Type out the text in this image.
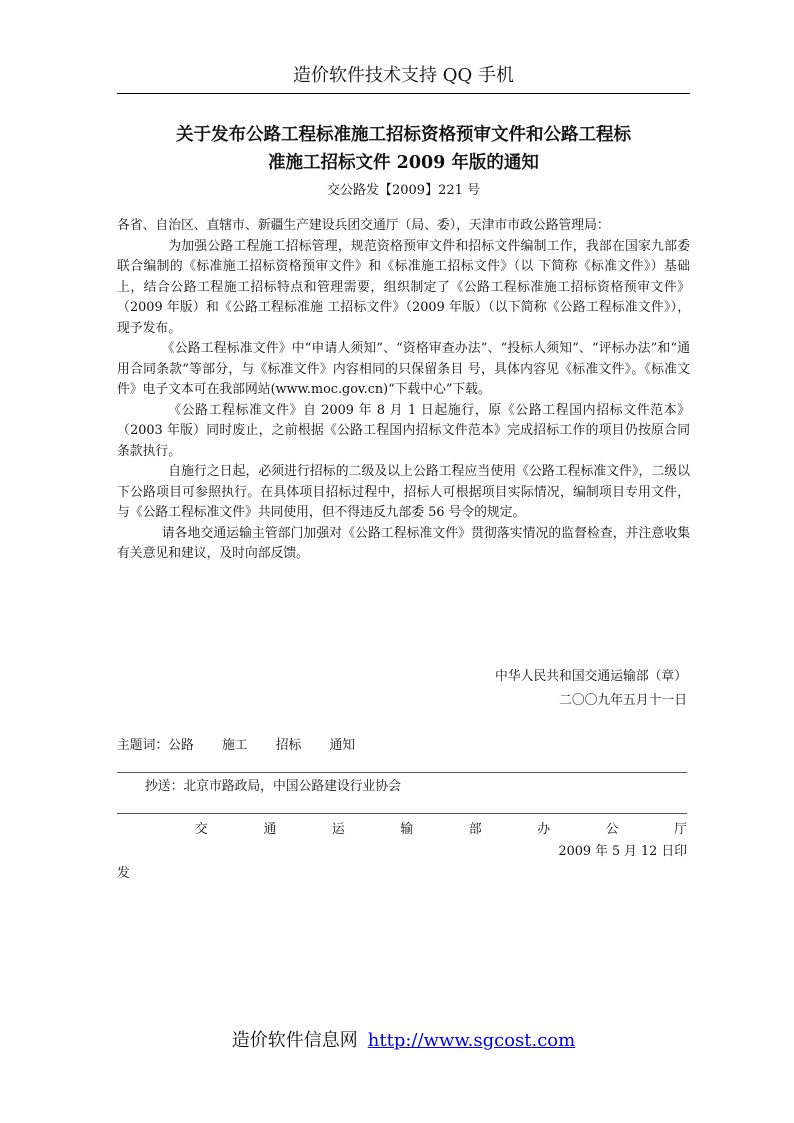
造价软件技术支持 QQ 手机
关于发布公路工程标准施工招标资格预审文件和公路工程标
准施工招标文件 2009 年版的通知
交公路发【2009】221 号

各省、自治区、直辖市、新疆生产建设兵团交通厅（局、委），天津市市政公路管理局：

为加强公路工程施工招标管理，规范资格预审文件和招标文件编制工作，我部在国家九部委联合编制的《标准施工招标资格预审文件》和《标准施工招标文件》（以 下简称《标准文件》）基础上，结合公路工程施工招标特点和管理需要，组织制定了《公路工程标准施工招标资格预审文件》（2009 年版）和《公路工程标准施 工招标文件》（2009 年版）（以下简称《公路工程标准文件》），现予发布。

《公路工程标准文件》中“申请人须知”、“资格审查办法”、“投标人须知”、“评标办法”和“通用合同条款”等部分，与《标准文件》内容相同的只保留条目 号，具体内容见《标准文件》。《标准文件》电子文本可在我部网站(www.moc.gov.cn)“下载中心”下载。

《公路工程标准文件》自 2009 年 8 月 1 日起施行，原《公路工程国内招标文件范本》（2003 年版）同时废止，之前根据《公路工程国内招标文件范本》完成招标工作的项目仍按原合同条款执行。

自施行之日起，必须进行招标的二级及以上公路工程应当使用《公路工程标准文件》，二级以下公路项目可参照执行。在具体项目招标过程中，招标人可根据项目实际情况，编制项目专用文件，与《公路工程标准文件》共同使用，但不得违反九部委 56 号令的规定。

请各地交通运输主管部门加强对《公路工程标准文件》贯彻落实情况的监督检查，并注意收集有关意见和建议，及时向部反馈。

中华人民共和国交通运输部（章）
二〇〇九年五月十一日
主题词：公路 施工 招标 通知
抄送：北京市路政局，中国公路建设行业协会
交	通	运	输	部	办	公	厅
2009 年 5 月 12 日印
发
造价软件信息网 http://www.sgcost.com
